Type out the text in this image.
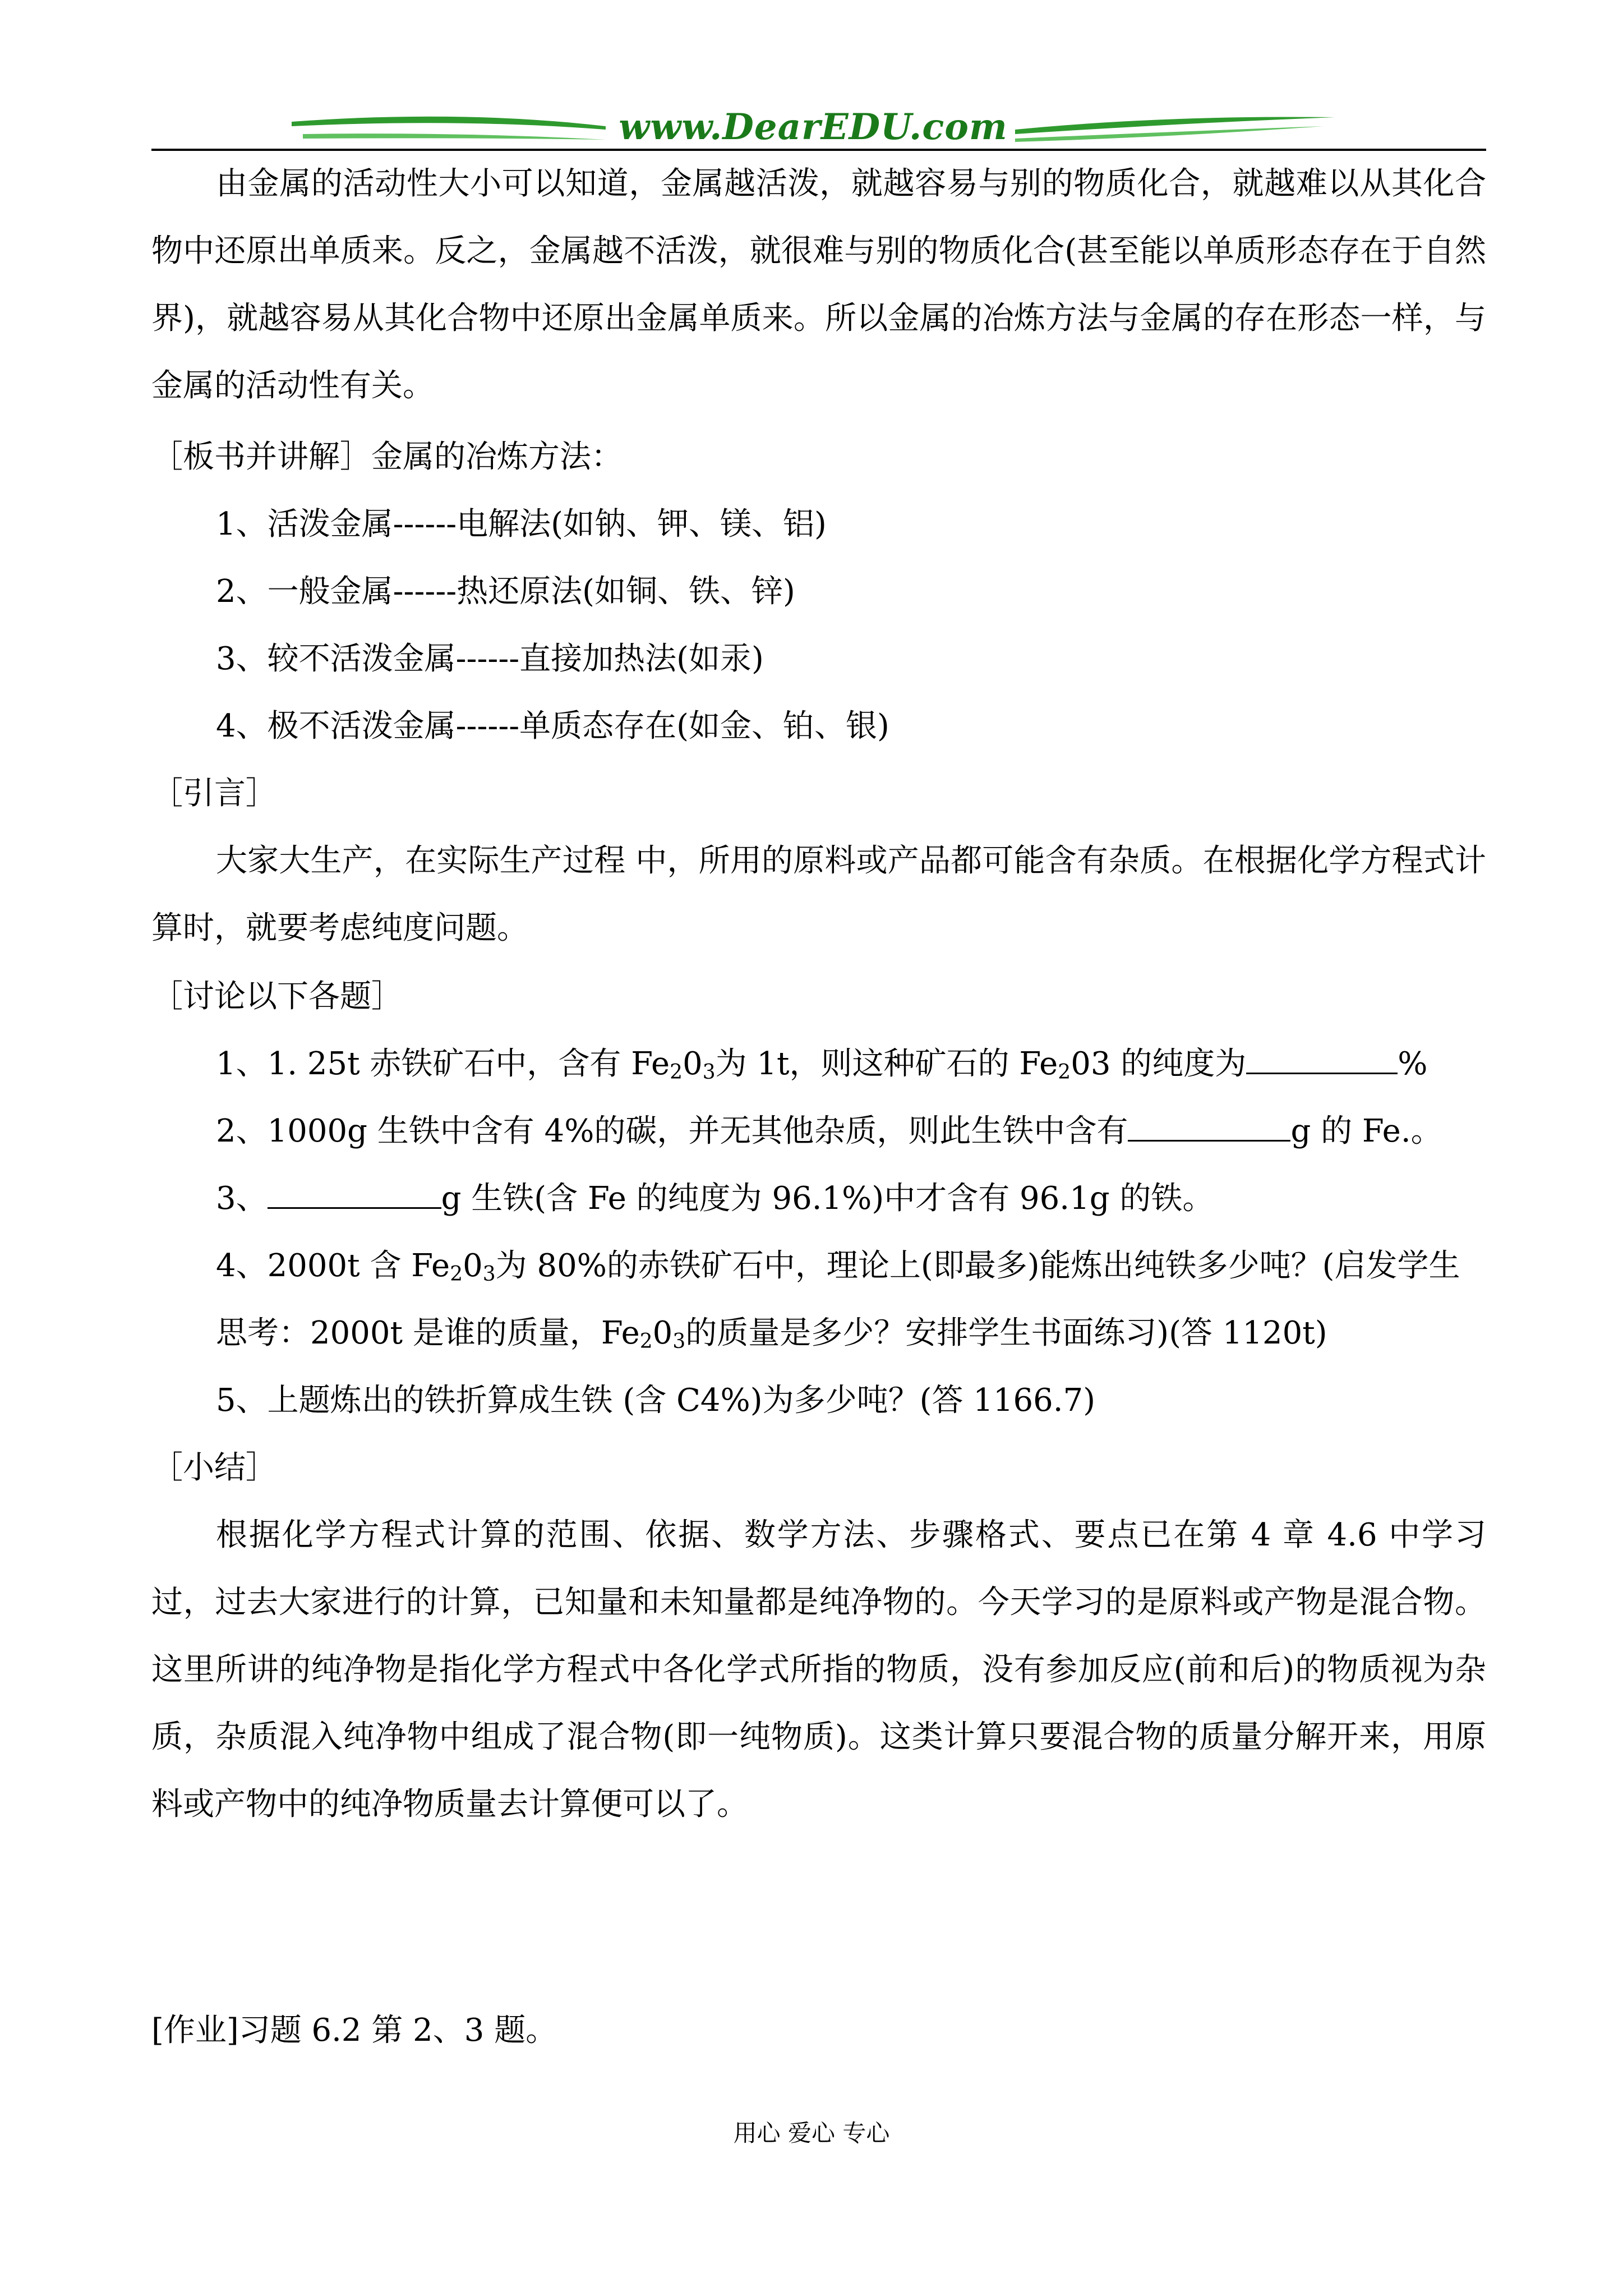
www.DearEDU.com
由金属的活动性大小可以知道，金属越活泼，就越容易与别的物质化合，就越难以从其化合物中还原出单质来。反之，金属越不活泼，就很难与别的物质化合(甚至能以单质形态存在于自然界)，就越容易从其化合物中还原出金属单质来。所以金属的冶炼方法与金属的存在形态一样，与金属的活动性有关。
［板书并讲解］金属的冶炼方法：
1、活泼金属------电解法(如钠、钾、镁、铝)
2、一般金属------热还原法(如铜、铁、锌)
3、较不活泼金属------直接加热法(如汞)
4、极不活泼金属------单质态存在(如金、铂、银)
［引言］
大家大生产，在实际生产过程 中，所用的原料或产品都可能含有杂质。在根据化学方程式计算时，就要考虑纯度问题。
［讨论以下各题］
1、1. 25t 赤铁矿石中，含有 $Fe_20_3$为 1t，则这种矿石的 $Fe_203$ 的纯度为	%
2、1000g 生铁中含有 4%的碳，并无其他杂质，则此生铁中含有	g 的 Fe.。
3、	g 生铁(含 Fe 的纯度为 96.1%)中才含有 96.1g 的铁。
4、2000t 含 $Fe_20_3$为 80%的赤铁矿石中，理论上(即最多)能炼出纯铁多少吨？(启发学生
思考：2000t 是谁的质量，$Fe_20_3$的质量是多少？安排学生书面练习)(答 1120t)
5、上题炼出的铁折算成生铁 (含 C4%)为多少吨？(答 1166.7)
［小结］
根据化学方程式计算的范围、依据、数学方法、步骤格式、要点已在第 4 章 4.6 中学习过，过去大家进行的计算，已知量和未知量都是纯净物的。今天学习的是原料或产物是混合物。这里所讲的纯净物是指化学方程式中各化学式所指的物质，没有参加反应(前和后)的物质视为杂质，杂质混入纯净物中组成了混合物(即一纯物质)。这类计算只要混合物的质量分解开来，用原料或产物中的纯净物质量去计算便可以了。
[作业]习题 6.2 第 2、3 题。
用心 爱心 专心
